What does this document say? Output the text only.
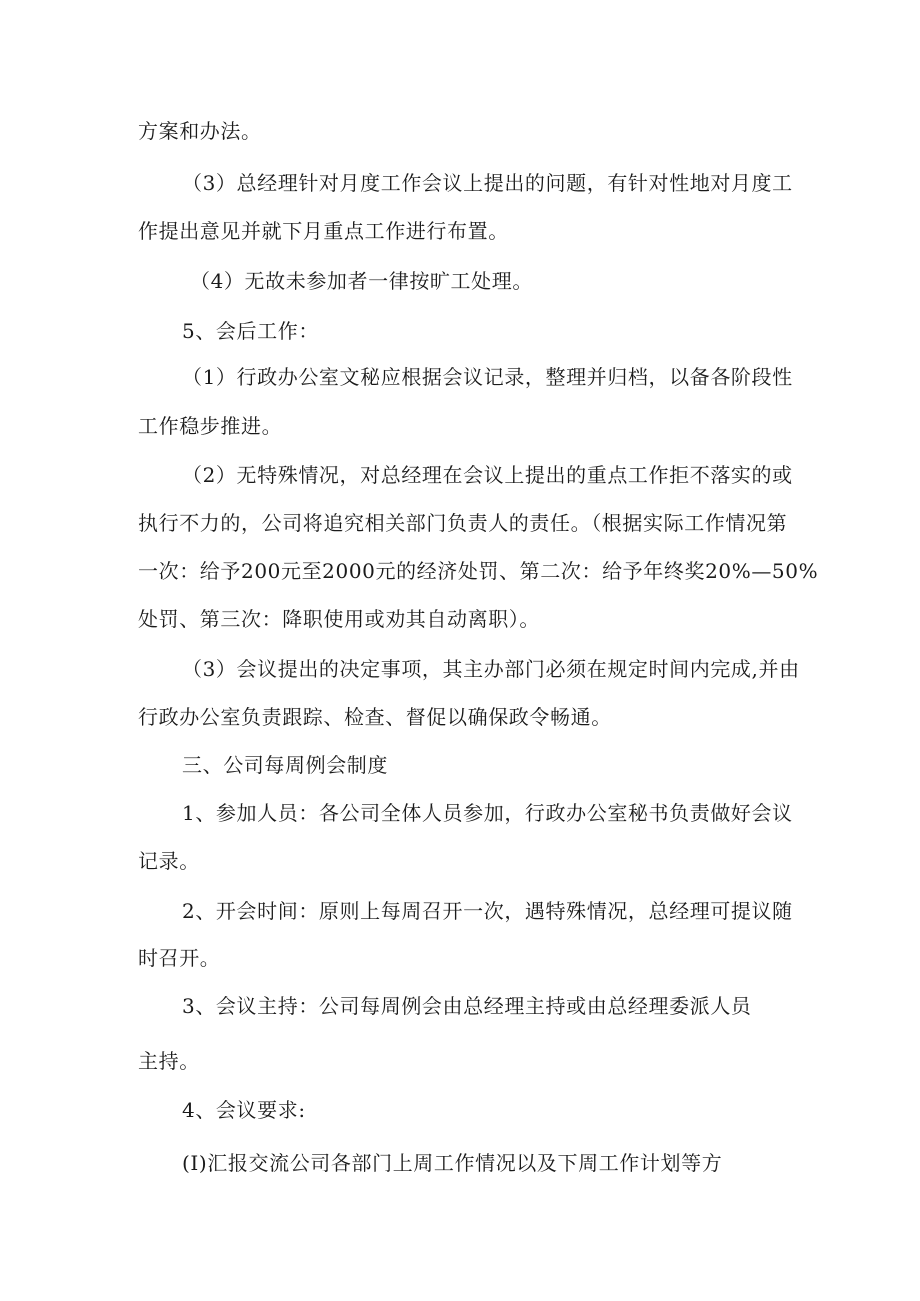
方案和办法。
（3）总经理针对月度工作会议上提出的问题，有针对性地对月度工
作提出意见并就下月重点工作进行布置。
（4）无故未参加者一律按旷工处理。
5、会后工作：
（1）行政办公室文秘应根据会议记录，整理并归档，以备各阶段性
工作稳步推进。
（2）无特殊情况，对总经理在会议上提出的重点工作拒不落实的或
执行不力的，公司将追究相关部门负责人的责任。（根据实际工作情况第
一次：给予200元至2000元的经济处罚、第二次：给予年终奖20%—50%
处罚、第三次：降职使用或劝其自动离职）。
（3）会议提出的决定事项，其主办部门必须在规定时间内完成,并由
行政办公室负责跟踪、检查、督促以确保政令畅通。
三、公司每周例会制度
1、参加人员：各公司全体人员参加，行政办公室秘书负责做好会议
记录。
2、开会时间：原则上每周召开一次，遇特殊情况，总经理可提议随
时召开。
3、会议主持：公司每周例会由总经理主持或由总经理委派人员
主持。
4、会议要求:
(I)汇报交流公司各部门上周工作情况以及下周工作计划等方
